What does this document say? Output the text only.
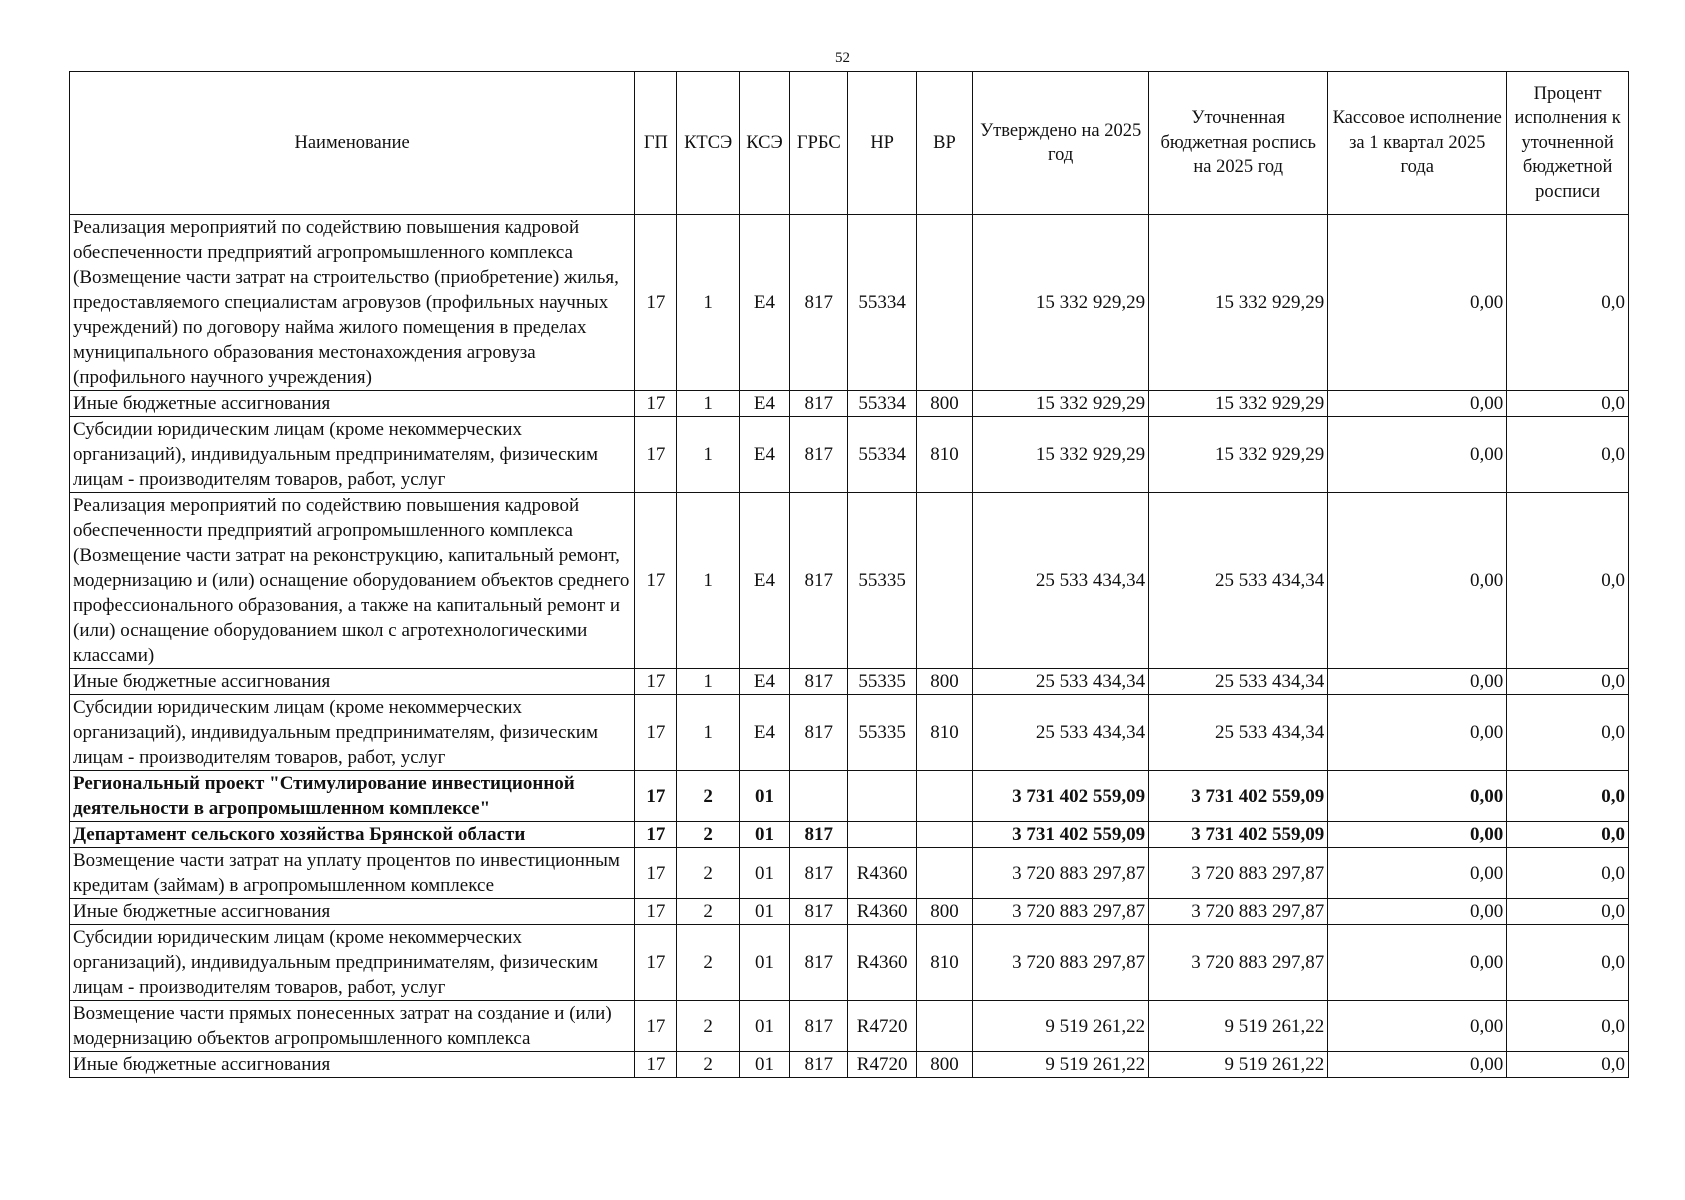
52
Наименование	ГП	КТСЭ	КСЭ	ГРБС	НР	ВР	Утверждено на 2025 год	Уточненная бюджетная роспись на 2025 год	Кассовое исполнение за 1 квартал 2025 года	Процент исполнения к уточненной бюджетной росписи
Реализация мероприятий по содействию повышения кадровой обеспеченности предприятий агропромышленного комплекса (Возмещение части затрат на строительство (приобретение) жилья, предоставляемого специалистам агровузов (профильных научных учреждений) по договору найма жилого помещения в пределах муниципального образования местонахождения агровуза (профильного научного учреждения)	17	1	Е4	817	55334		15 332 929,29	15 332 929,29	0,00	0,0
Иные бюджетные ассигнования	17	1	Е4	817	55334	800	15 332 929,29	15 332 929,29	0,00	0,0
Субсидии юридическим лицам (кроме некоммерческих организаций), индивидуальным предпринимателям, физическим лицам - производителям товаров, работ, услуг	17	1	Е4	817	55334	810	15 332 929,29	15 332 929,29	0,00	0,0
Реализация мероприятий по содействию повышения кадровой обеспеченности предприятий агропромышленного комплекса (Возмещение части затрат на реконструкцию, капитальный ремонт, модернизацию и (или) оснащение оборудованием объектов среднего профессионального образования, а также на капитальный ремонт и (или) оснащение оборудованием школ с агротехнологическими классами)	17	1	Е4	817	55335		25 533 434,34	25 533 434,34	0,00	0,0
Иные бюджетные ассигнования	17	1	Е4	817	55335	800	25 533 434,34	25 533 434,34	0,00	0,0
Субсидии юридическим лицам (кроме некоммерческих организаций), индивидуальным предпринимателям, физическим лицам - производителям товаров, работ, услуг	17	1	Е4	817	55335	810	25 533 434,34	25 533 434,34	0,00	0,0
Региональный проект "Стимулирование инвестиционной деятельности в агропромышленном комплексе"	17	2	01				3 731 402 559,09	3 731 402 559,09	0,00	0,0
Департамент сельского хозяйства Брянской области	17	2	01	817			3 731 402 559,09	3 731 402 559,09	0,00	0,0
Возмещение части затрат на уплату процентов по инвестиционным кредитам (займам) в агропромышленном комплексе	17	2	01	817	R4360		3 720 883 297,87	3 720 883 297,87	0,00	0,0
Иные бюджетные ассигнования	17	2	01	817	R4360	800	3 720 883 297,87	3 720 883 297,87	0,00	0,0
Субсидии юридическим лицам (кроме некоммерческих организаций), индивидуальным предпринимателям, физическим лицам - производителям товаров, работ, услуг	17	2	01	817	R4360	810	3 720 883 297,87	3 720 883 297,87	0,00	0,0
Возмещение части прямых понесенных затрат на создание и (или) модернизацию объектов агропромышленного комплекса	17	2	01	817	R4720		9 519 261,22	9 519 261,22	0,00	0,0
Иные бюджетные ассигнования	17	2	01	817	R4720	800	9 519 261,22	9 519 261,22	0,00	0,0
